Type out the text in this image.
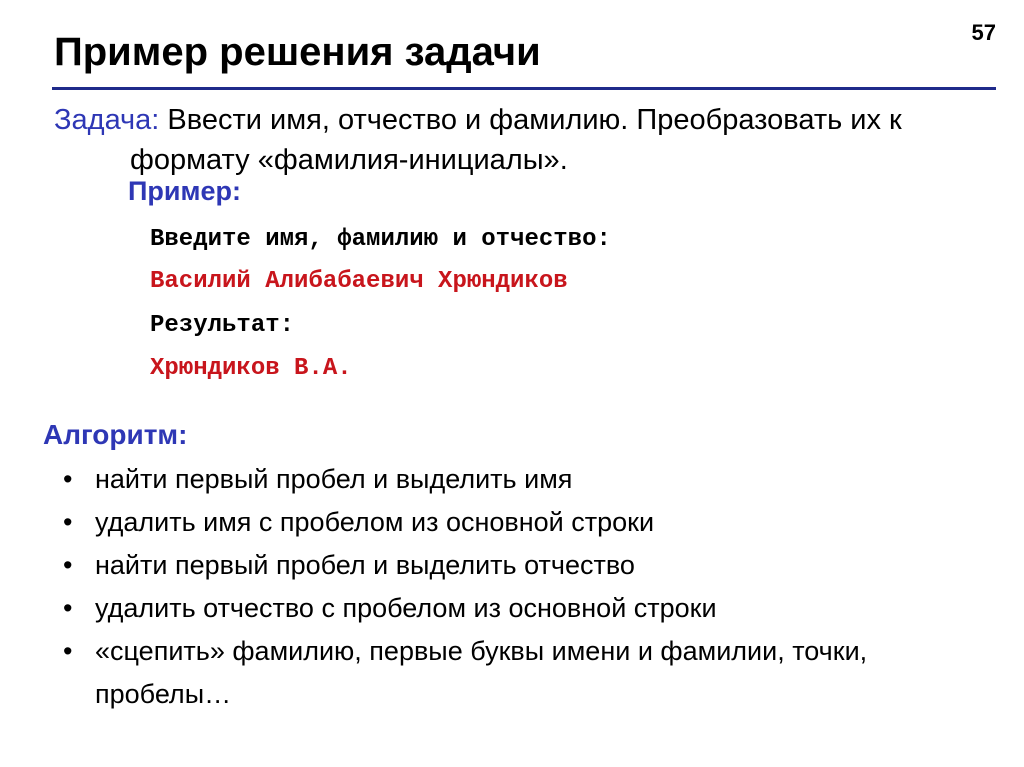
Пример решения задачи	57
Задача: Ввести имя, отчество и фамилию. Преобразовать их к
формату «фамилия-инициалы».
Пример:
Введите имя, фамилию и отчество:
Василий Алибабаевич Хрюндиков
Результат:
Хрюндиков В.А.
Алгоритм:
• найти первый пробел и выделить имя
• удалить имя с пробелом из основной строки
• найти первый пробел и выделить отчество
• удалить отчество с пробелом из основной строки
• «сцепить» фамилию, первые буквы имени и фамилии, точки, пробелы…
